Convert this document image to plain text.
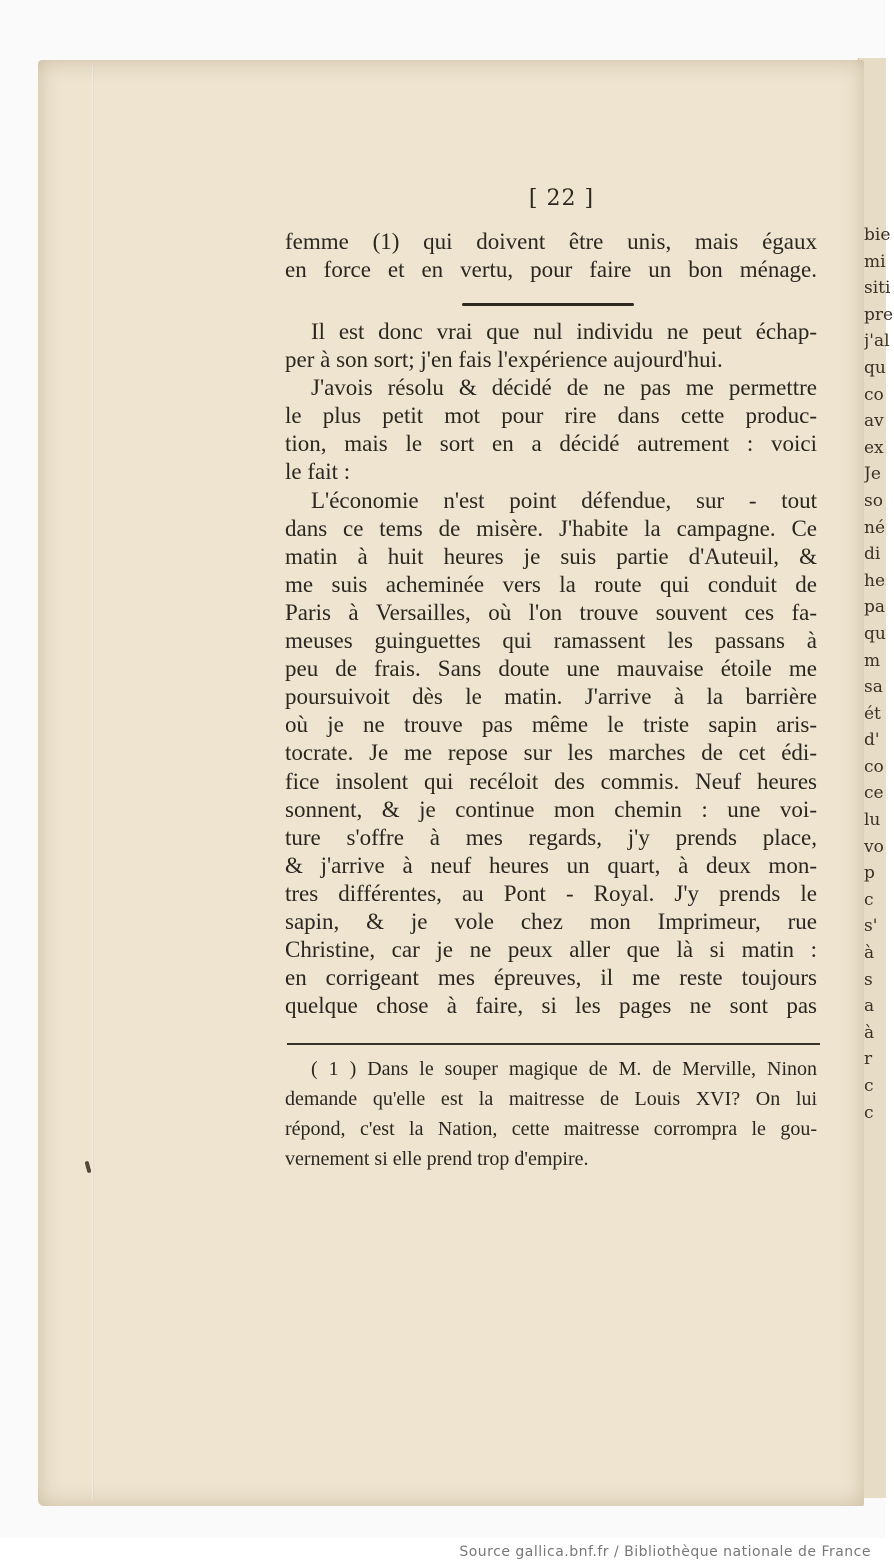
bie
mi
siti
pre
j'al
qu
co
av
ex
Je
so
né
di
he
pa
qu
m
sa
ét
d'
co
ce
lu
vo
p
c
s'
à
s
a
à
r
c
c
[ 22 ]
femme (1) qui doivent être unis, mais égaux
en force et en vertu, pour faire un bon ménage.
Il est donc vrai que nul individu ne peut échap-
per à son sort; j'en fais l'expérience aujourd'hui.
J'avois résolu & décidé de ne pas me permettre
le plus petit mot pour rire dans cette produc-
tion, mais le sort en a décidé autrement : voici
le fait :
L'économie n'est point défendue, sur - tout
dans ce tems de misère. J'habite la campagne. Ce
matin à huit heures je suis partie d'Auteuil, &
me suis acheminée vers la route qui conduit de
Paris à Versailles, où l'on trouve souvent ces fa-
meuses guinguettes qui ramassent les passans à
peu de frais. Sans doute une mauvaise étoile me
poursuivoit dès le matin. J'arrive à la barrière
où je ne trouve pas même le triste sapin aris-
tocrate. Je me repose sur les marches de cet édi-
fice insolent qui recéloit des commis. Neuf heures
sonnent, & je continue mon chemin : une voi-
ture s'offre à mes regards, j'y prends place,
& j'arrive à neuf heures un quart, à deux mon-
tres différentes, au Pont - Royal. J'y prends le
sapin, & je vole chez mon Imprimeur, rue
Christine, car je ne peux aller que là si matin :
en corrigeant mes épreuves, il me reste toujours
quelque chose à faire, si les pages ne sont pas
( 1 ) Dans le souper magique de M. de Merville, Ninon
demande qu'elle est la maitresse de Louis XVI? On lui
répond, c'est la Nation, cette maitresse corrompra le gou-
vernement si elle prend trop d'empire.
Source gallica.bnf.fr / Bibliothèque nationale de France
